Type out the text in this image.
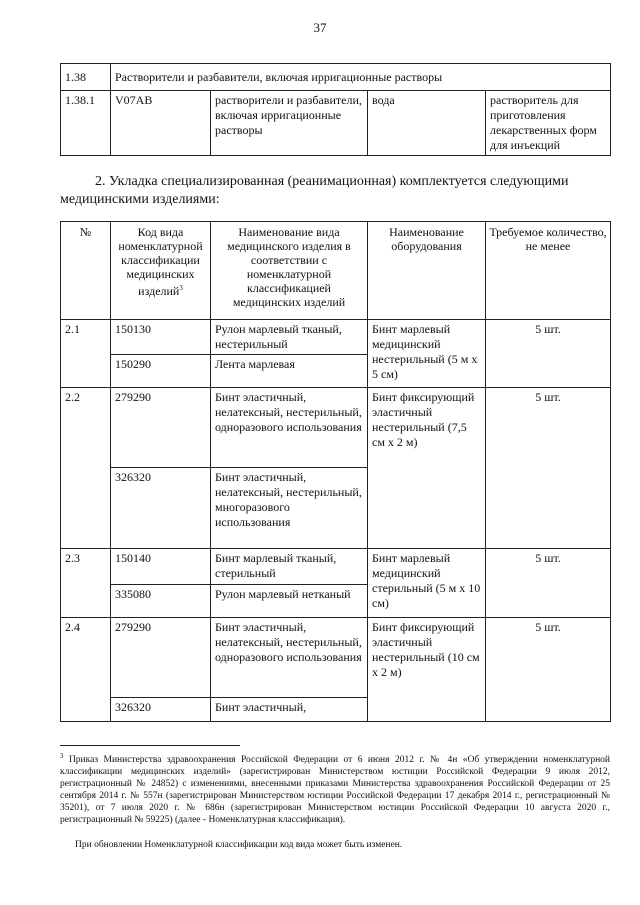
37
1.38	Растворители и разбавители, включая ирригационные растворы			
1.38.1	V07AB	растворители и разбавители, включая ирригационные растворы	вода	растворитель для приготовления лекарственных форм для инъекций
2. Укладка специализированная (реанимационная) комплектуется следующими медицинскими изделиями:
№	Код вида номенклатурной классификации медицинских изделий$^3$	Наименование вида медицинского изделия в соответствии с номенклатурной классификацией медицинских изделий	Наименование оборудования	Требуемое количество, не менее
2.1	150130	Рулон марлевый тканый, нестерильный	Бинт марлевый медицинский нестерильный (5 м х 5 см)	5 шт.
	150290	Лента марлевая		
2.2	279290	Бинт эластичный, нелатексный, нестерильный, одноразового использования	Бинт фиксирующий эластичный нестерильный (7,5 см х 2 м)	5 шт.
	326320	Бинт эластичный, нелатексный, нестерильный, многоразового использования		
2.3	150140	Бинт марлевый тканый, стерильный	Бинт марлевый медицинский стерильный (5 м х 10 см)	5 шт.
	335080	Рулон марлевый нетканый		
2.4	279290	Бинт эластичный, нелатексный, нестерильный, одноразового использования	Бинт фиксирующий эластичный нестерильный (10 см х 2 м)	5 шт.
	326320	Бинт эластичный,		
$^3$ Приказ Министерства здравоохранения Российской Федерации от 6 июня 2012 г. № 4н «Об утверждении номенклатурной классификации медицинских изделий» (зарегистрирован Министерством юстиции Российской Федерации 9 июля 2012, регистрационный № 24852) с изменениями, внесенными приказами Министерства здравоохранения Российской Федерации от 25 сентября 2014 г. № 557н (зарегистрирован Министерством юстиции Российской Федерации 17 декабря 2014 г., регистрационный № 35201), от 7 июля 2020 г. № 686н (зарегистрирован Министерством юстиции Российской Федерации 10 августа 2020 г., регистрационный № 59225) (далее - Номенклатурная классификация).
При обновлении Номенклатурной классификации код вида может быть изменен.
